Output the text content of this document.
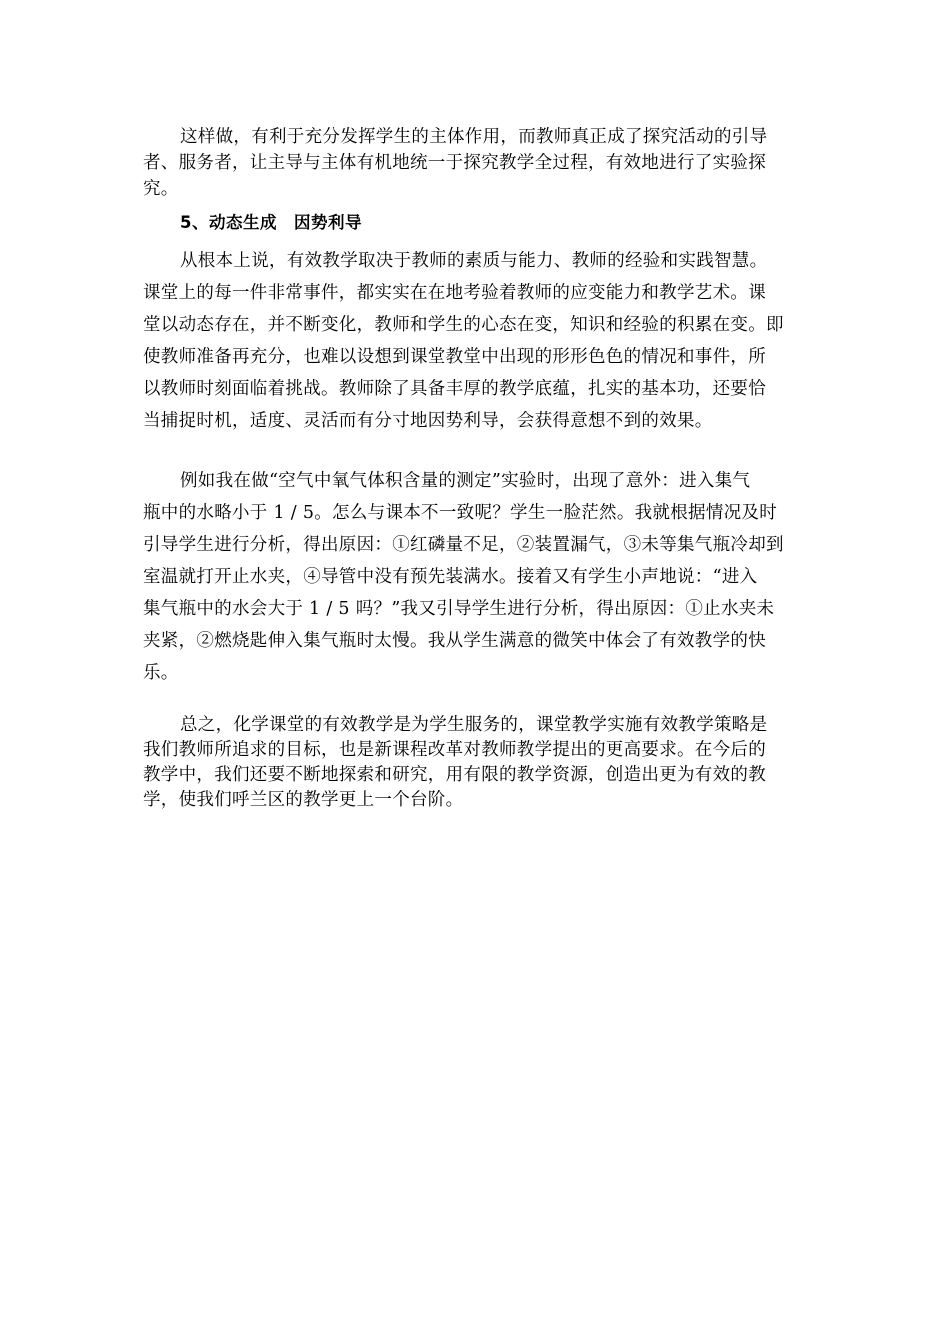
这样做，有利于充分发挥学生的主体作用，而教师真正成了探究活动的引导
者、服务者，让主导与主体有机地统一于探究教学全过程，有效地进行了实验探
究。
5、动态生成　因势利导
从根本上说，有效教学取决于教师的素质与能力、教师的经验和实践智慧。
课堂上的每一件非常事件，都实实在在地考验着教师的应变能力和教学艺术。课
堂以动态存在，并不断变化，教师和学生的心态在变，知识和经验的积累在变。即
使教师准备再充分，也难以设想到课堂教堂中出现的形形色色的情况和事件，所
以教师时刻面临着挑战。教师除了具备丰厚的教学底蕴，扎实的基本功，还要恰
当捕捉时机，适度、灵活而有分寸地因势利导，会获得意想不到的效果。
例如我在做“空气中氧气体积含量的测定”实验时，出现了意外：进入集气
瓶中的水略小于 1 / 5。怎么与课本不一致呢？学生一脸茫然。我就根据情况及时
引导学生进行分析，得出原因：①红磷量不足，②装置漏气，③未等集气瓶冷却到
室温就打开止水夹，④导管中没有预先装满水。接着又有学生小声地说：“进入
集气瓶中的水会大于 1 / 5 吗？”我又引导学生进行分析，得出原因：①止水夹未
夹紧，②燃烧匙伸入集气瓶时太慢。我从学生满意的微笑中体会了有效教学的快
乐。
总之，化学课堂的有效教学是为学生服务的，课堂教学实施有效教学策略是
我们教师所追求的目标，也是新课程改革对教师教学提出的更高要求。在今后的
教学中，我们还要不断地探索和研究，用有限的教学资源，创造出更为有效的教
学，使我们呼兰区的教学更上一个台阶。
